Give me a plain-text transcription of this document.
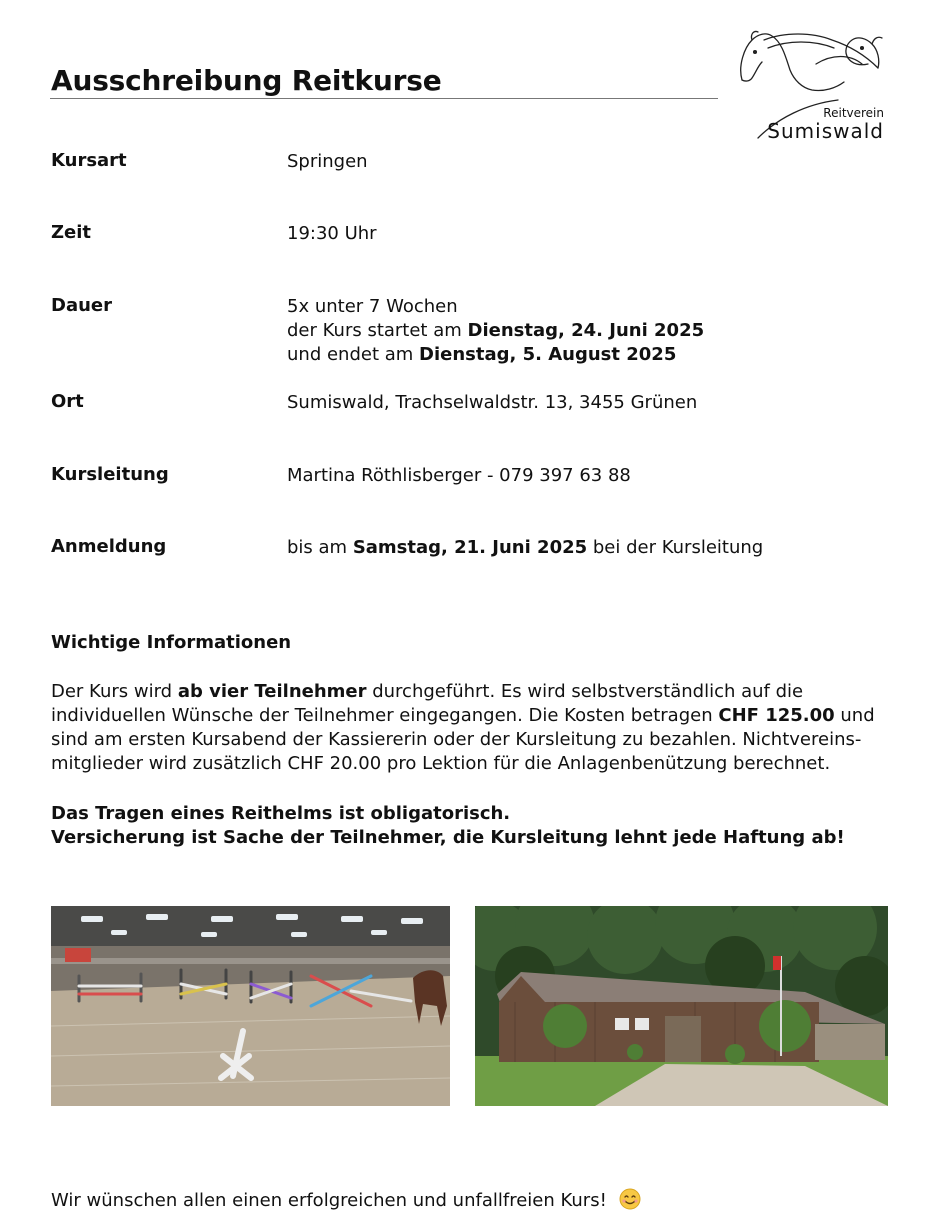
Ausschreibung Reitkurse
Reitverein
Sumiswald
Kursart	Springen
Zeit	19:30 Uhr
Dauer	5x unter 7 Wochen
der Kurs startet am Dienstag, 24. Juni 2025
und endet am Dienstag, 5. August 2025
Ort	Sumiswald, Trachselwaldstr. 13, 3455 Grünen
Kursleitung	Martina Röthlisberger - 079 397 63 88
Anmeldung	bis am Samstag, 21. Juni 2025 bei der Kursleitung
Wichtige Informationen
Der Kurs wird ab vier Teilnehmer durchgeführt. Es wird selbstverständlich auf die
individuellen Wünsche der Teilnehmer eingegangen. Die Kosten betragen CHF 125.00 und
sind am ersten Kursabend der Kassiererin oder der Kursleitung zu bezahlen. Nichtvereins-
mitglieder wird zusätzlich CHF 20.00 pro Lektion für die Anlagenbenützung berechnet.
Das Tragen eines Reithelms ist obligatorisch.
Versicherung ist Sache der Teilnehmer, die Kursleitung lehnt jede Haftung ab!
Wir wünschen allen einen erfolgreichen und unfallfreien Kurs!
